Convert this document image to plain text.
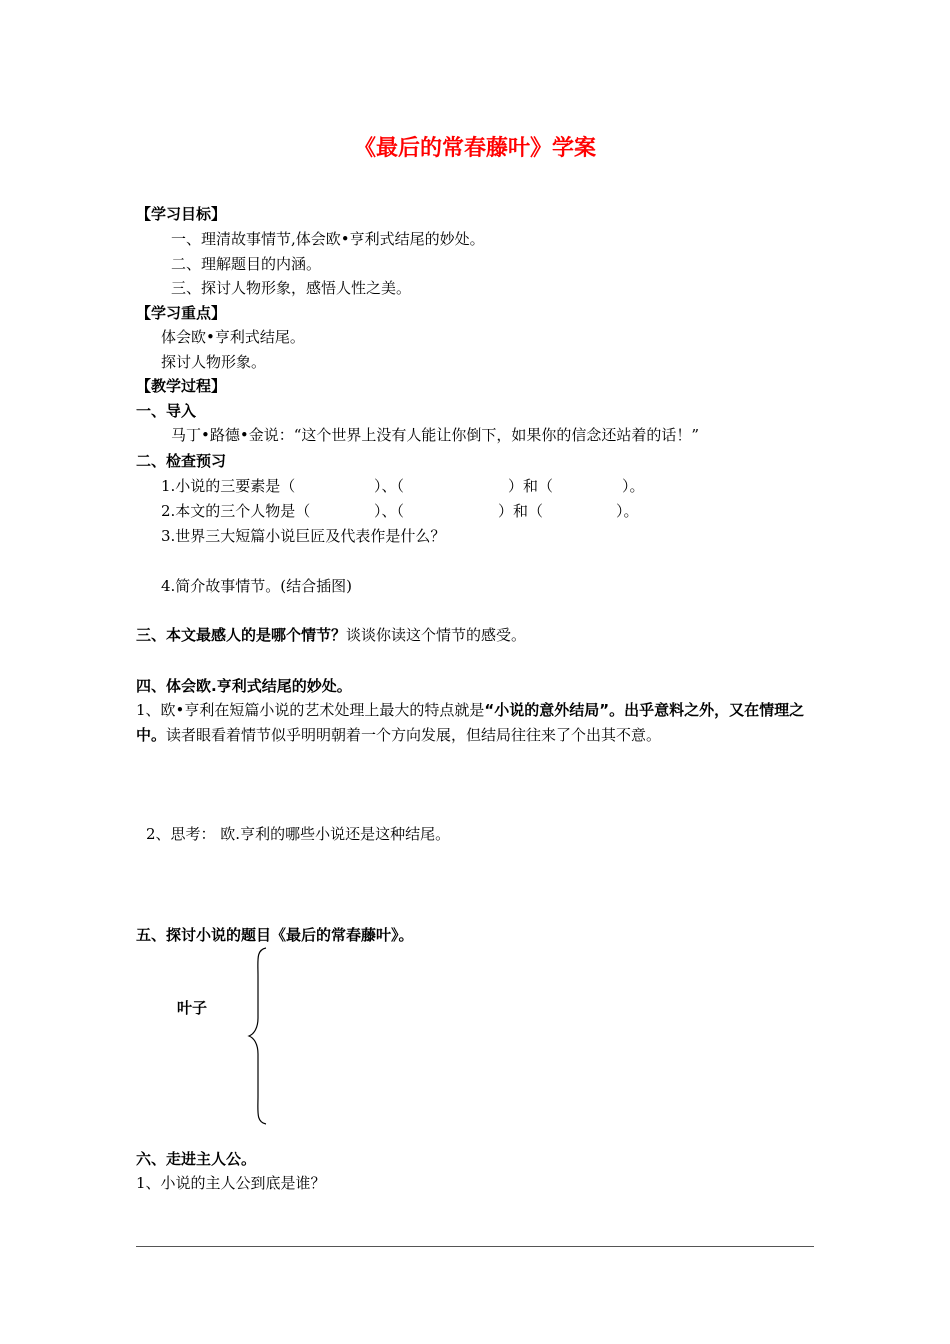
《最后的常春藤叶》学案
【学习目标】
一、理清故事情节,体会欧•亨利式结尾的妙处。
二、理解题目的内涵。
三、探讨人物形象，感悟人性之美。
【学习重点】
体会欧•亨利式结尾。
探讨人物形象。
【教学过程】
一、导入
马丁•路德•金说：“这个世界上没有人能让你倒下，如果你的信念还站着的话！”
二、检查预习
1.小说的三要素是（	）、（	）和（	）。
2.本文的三个人物是（	）、（	）和（	）。
3.世界三大短篇小说巨匠及代表作是什么？
4.简介故事情节。(结合插图)
三、本文最感人的是哪个情节？谈谈你读这个情节的感受。
四、体会欧.亨利式结尾的妙处。
1、欧•亨利在短篇小说的艺术处理上最大的特点就是“小说的意外结局”。出乎意料之外，又在情理之中。读者眼看着情节似乎明明朝着一个方向发展，但结局往往来了个出其不意。
2、思考： 欧.亨利的哪些小说还是这种结尾。
五、探讨小说的题目《最后的常春藤叶》。
叶子
六、走进主人公。
1、小说的主人公到底是谁？
